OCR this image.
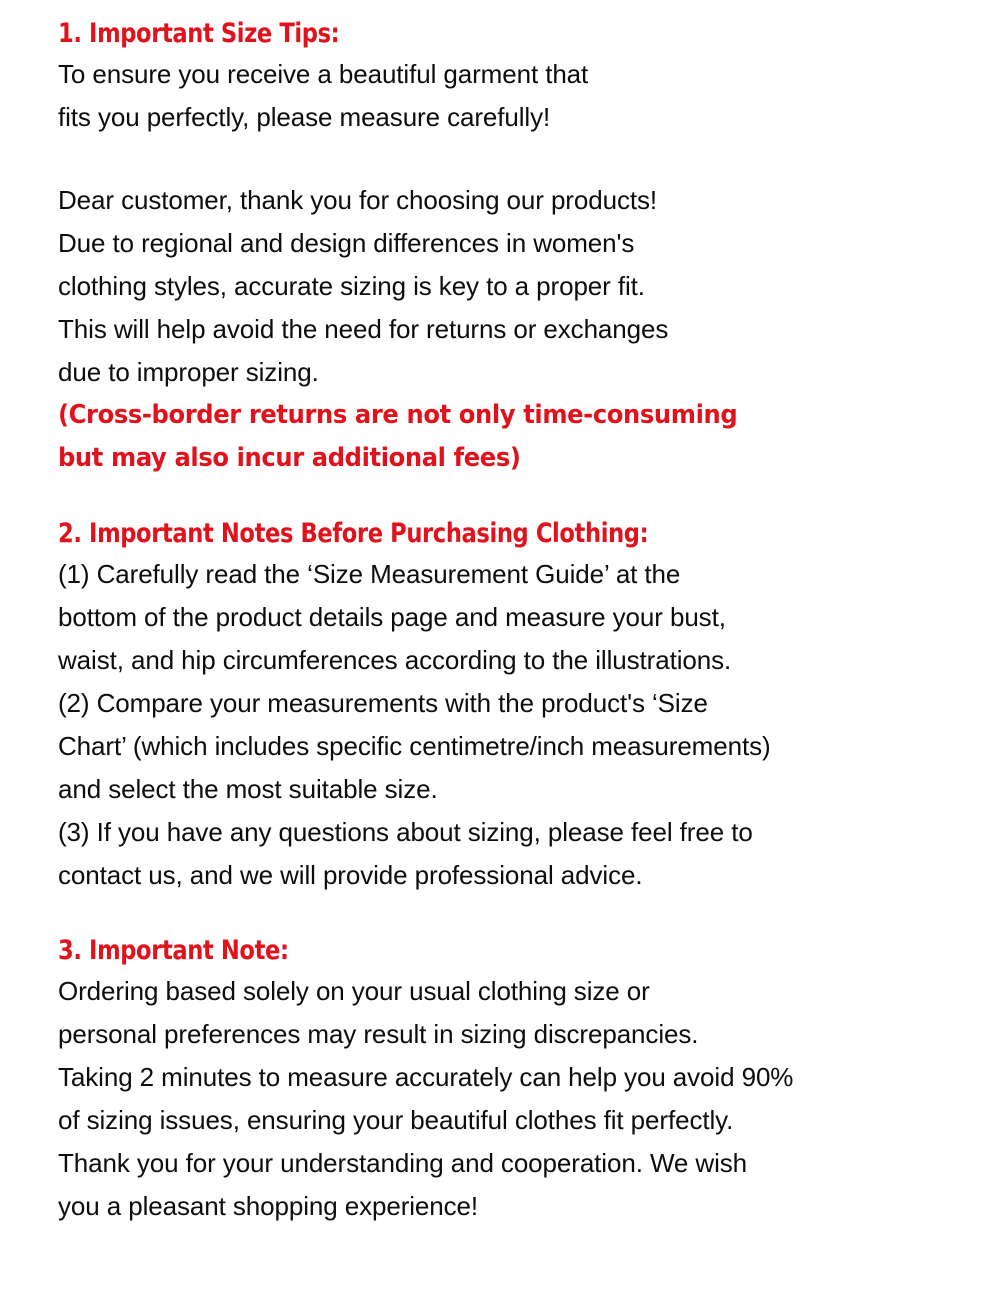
1. Important Size Tips:
To ensure you receive a beautiful garment that
fits you perfectly, please measure carefully!
Dear customer, thank you for choosing our products!
Due to regional and design differences in women's
clothing styles, accurate sizing is key to a proper fit.
This will help avoid the need for returns or exchanges
due to improper sizing.
(Cross-border returns are not only time-consuming
but may also incur additional fees)
2. Important Notes Before Purchasing Clothing:
(1) Carefully read the ‘Size Measurement Guide’ at the
bottom of the product details page and measure your bust,
waist, and hip circumferences according to the illustrations.
(2) Compare your measurements with the product's ‘Size
Chart’ (which includes specific centimetre/inch measurements)
and select the most suitable size.
(3) If you have any questions about sizing, please feel free to
contact us, and we will provide professional advice.
3. Important Note:
Ordering based solely on your usual clothing size or
personal preferences may result in sizing discrepancies.
Taking 2 minutes to measure accurately can help you avoid 90%
of sizing issues, ensuring your beautiful clothes fit perfectly.
Thank you for your understanding and cooperation. We wish
you a pleasant shopping experience!
